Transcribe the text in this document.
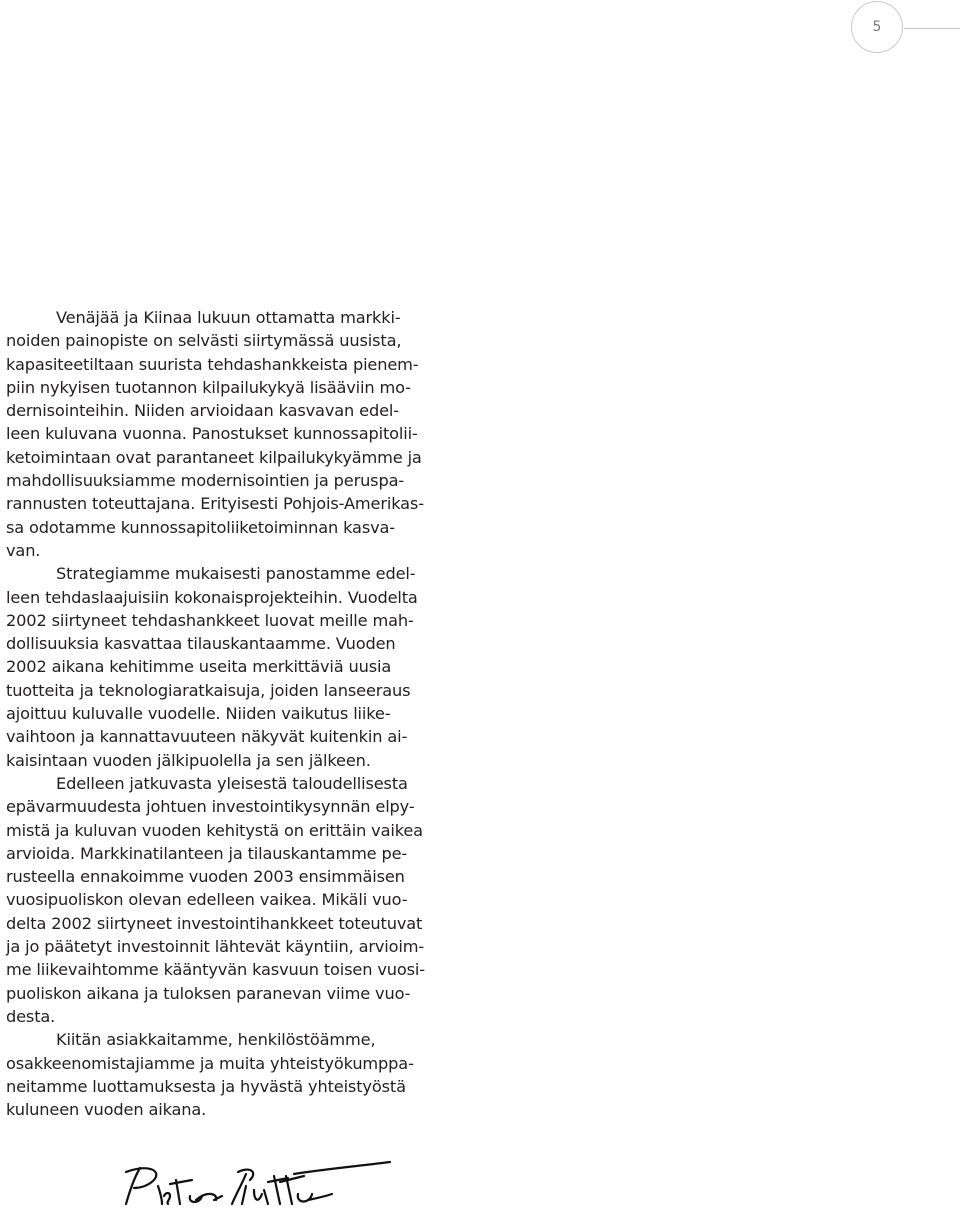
5
Venäjää ja Kiinaa lukuun ottamatta markki-
noiden painopiste on selvästi siirtymässä uusista,
kapasiteetiltaan suurista tehdashankkeista pienem-
piin nykyisen tuotannon kilpailukykyä lisääviin mo-
dernisointeihin. Niiden arvioidaan kasvavan edel-
leen kuluvana vuonna. Panostukset kunnossapitolii-
ketoimintaan ovat parantaneet kilpailukykyämme ja
mahdollisuuksiamme modernisointien ja peruspa-
rannusten toteuttajana. Erityisesti Pohjois-Amerikas-
sa odotamme kunnossapitoliiketoiminnan kasva-
van.
Strategiamme mukaisesti panostamme edel-
leen tehdaslaajuisiin kokonaisprojekteihin. Vuodelta
2002 siirtyneet tehdashankkeet luovat meille mah-
dollisuuksia kasvattaa tilauskantaamme. Vuoden
2002 aikana kehitimme useita merkittäviä uusia
tuotteita ja teknologiaratkaisuja, joiden lanseeraus
ajoittuu kuluvalle vuodelle. Niiden vaikutus liike-
vaihtoon ja kannattavuuteen näkyvät kuitenkin ai-
kaisintaan vuoden jälkipuolella ja sen jälkeen.
Edelleen jatkuvasta yleisestä taloudellisesta
epävarmuudesta johtuen investointikysynnän elpy-
mistä ja kuluvan vuoden kehitystä on erittäin vaikea
arvioida. Markkinatilanteen ja tilauskantamme pe-
rusteella ennakoimme vuoden 2003 ensimmäisen
vuosipuoliskon olevan edelleen vaikea. Mikäli vuo-
delta 2002 siirtyneet investointihankkeet toteutuvat
ja jo päätetyt investoinnit lähtevät käyntiin, arvioim-
me liikevaihtomme kääntyvän kasvuun toisen vuosi-
puoliskon aikana ja tuloksen paranevan viime vuo-
desta.
Kiitän asiakkaitamme, henkilöstöämme,
osakkeenomistajiamme ja muita yhteistyökumppa-
neitamme luottamuksesta ja hyvästä yhteistyöstä
kuluneen vuoden aikana.
